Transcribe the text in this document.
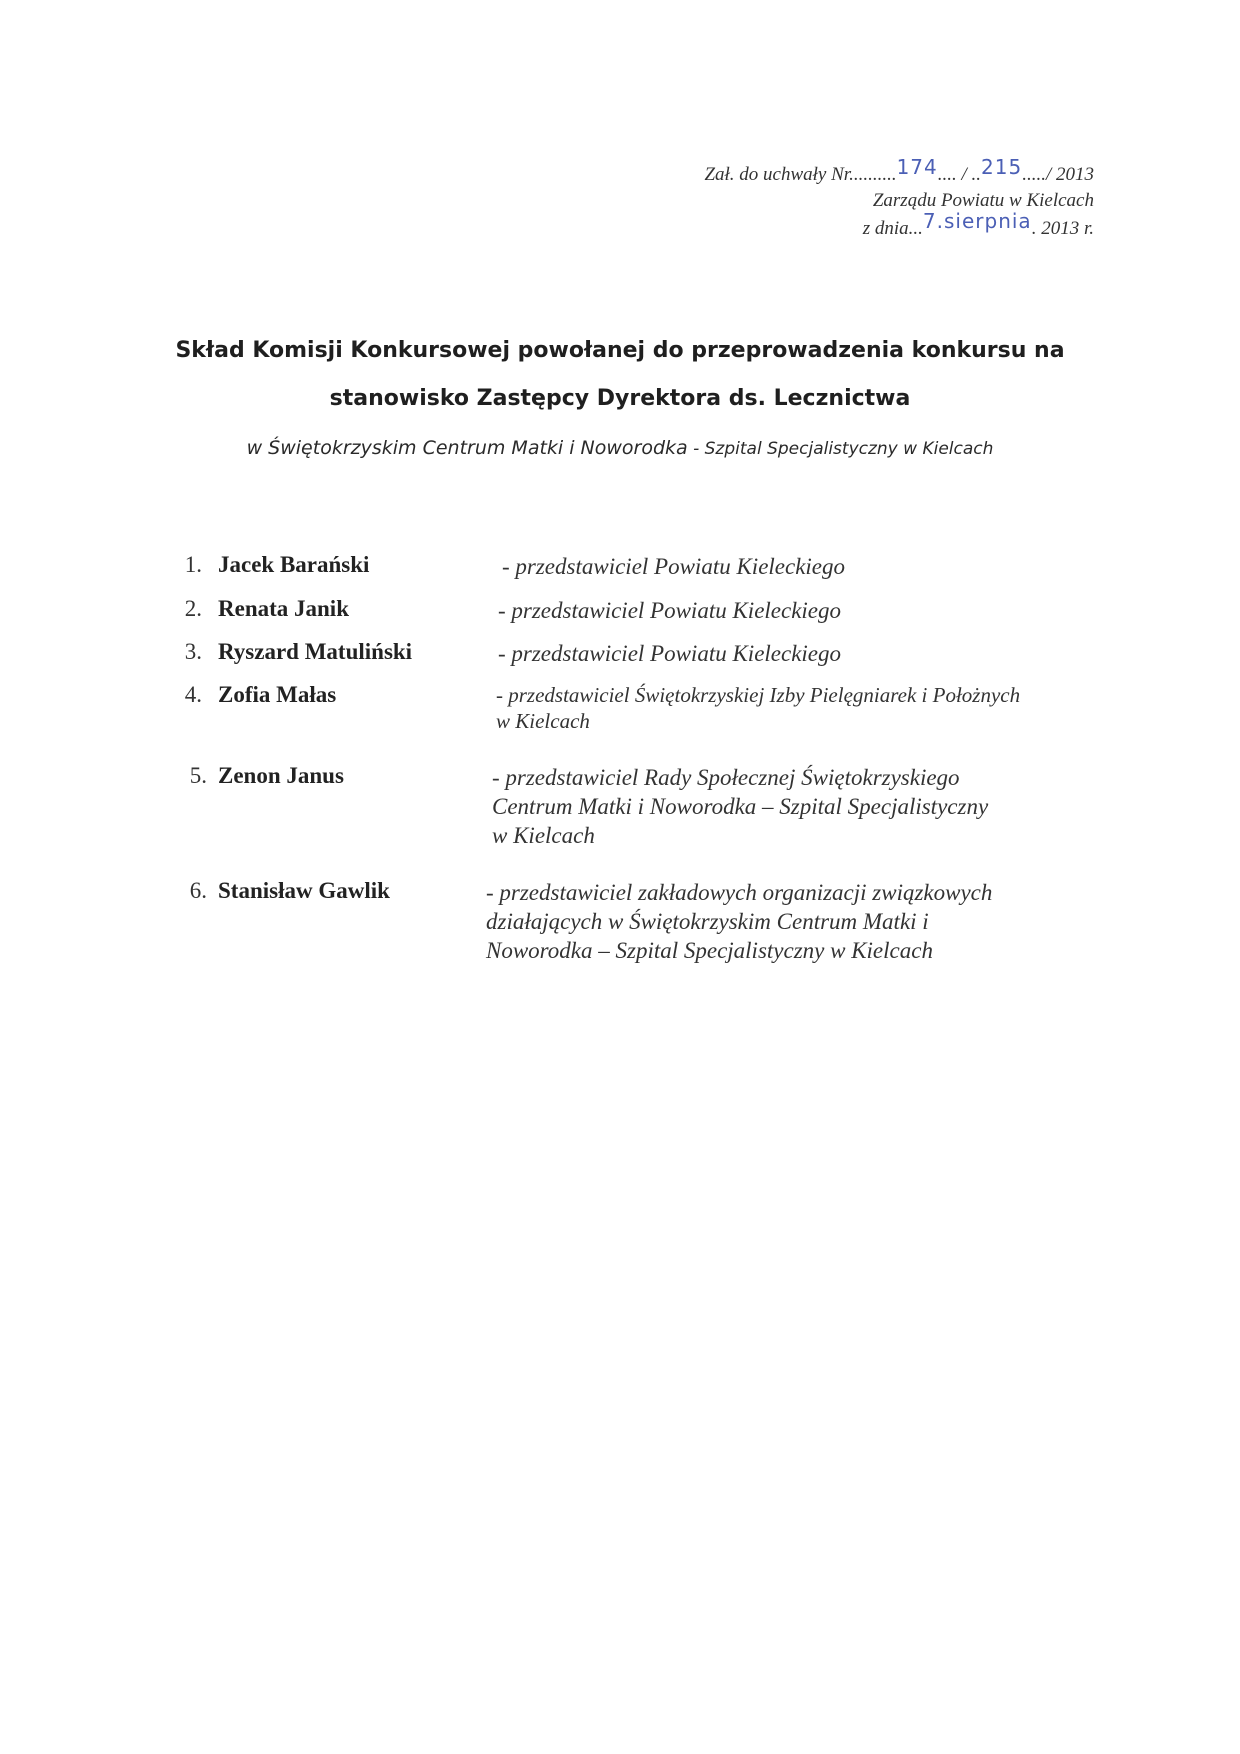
Zał. do uchwały Nr..........174.... / ..215...../ 2013
Zarządu Powiatu w Kielcach
z dnia...7.sierpnia. 2013 r.
Skład Komisji Konkursowej powołanej do przeprowadzenia konkursu na
stanowisko Zastępcy Dyrektora ds. Lecznictwa
w Świętokrzyskim Centrum Matki i Noworodka - Szpital Specjalistyczny w Kielcach
1. Jacek Barański	- przedstawiciel Powiatu Kieleckiego
2. Renata Janik	- przedstawiciel Powiatu Kieleckiego
3. Ryszard Matuliński	- przedstawiciel Powiatu Kieleckiego
4. Zofia Małas	- przedstawiciel Świętokrzyskiej Izby Pielęgniarek i Położnych
w Kielcach
5. Zenon Janus	- przedstawiciel Rady Społecznej Świętokrzyskiego
Centrum Matki i Noworodka – Szpital Specjalistyczny
w Kielcach
6. Stanisław Gawlik	- przedstawiciel zakładowych organizacji związkowych
działających w Świętokrzyskim Centrum Matki i
Noworodka – Szpital Specjalistyczny w Kielcach
